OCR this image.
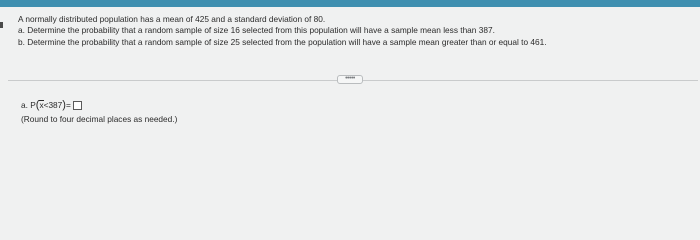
A normally distributed population has a mean of 425 and a standard deviation of 80.
a. Determine the probability that a random sample of size 16 selected from this population will have a sample mean less than 387.
b. Determine the probability that a random sample of size 25 selected from the population will have a sample mean greater than or equal to 461.
•••••
a. P ( x <387 ) =
(Round to four decimal places as needed.)
